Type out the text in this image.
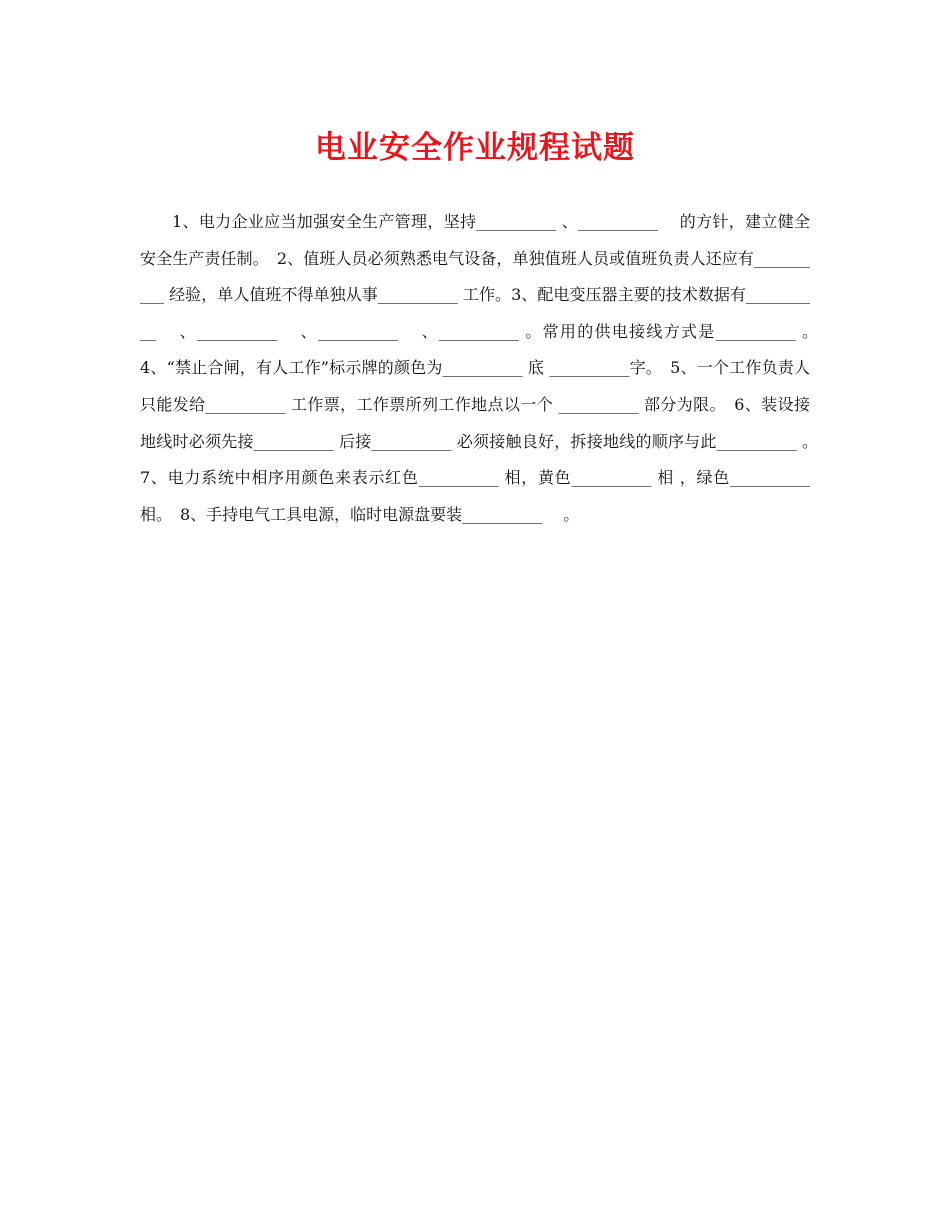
电业安全作业规程试题

1、电力企业应当加强安全生产管理，坚持__________ 、__________ 　的方针，建立健全安全生产责任制。　2、值班人员必须熟悉电气设备，单独值班人员或值班负责人还应有__________ 经验，单人值班不得单独从事__________ 工作。3、配电变压器主要的技术数据有__________ 　、__________ 　、__________ 　、__________ 。常用的供电接线方式是__________ 。　4、“禁止合闸，有人工作”标示牌的颜色为__________ 底 __________字。　5、一个工作负责人只能发给__________ 工作票，工作票所列工作地点以一个 __________ 部分为限。　6、装设接地线时必须先接__________ 后接__________ 必须接触良好，拆接地线的顺序与此__________ 。　7、电力系统中相序用颜色来表示红色__________ 相，黄色__________ 相 ，绿色__________ 相。　8、手持电气工具电源，临时电源盘要装__________ 　。
